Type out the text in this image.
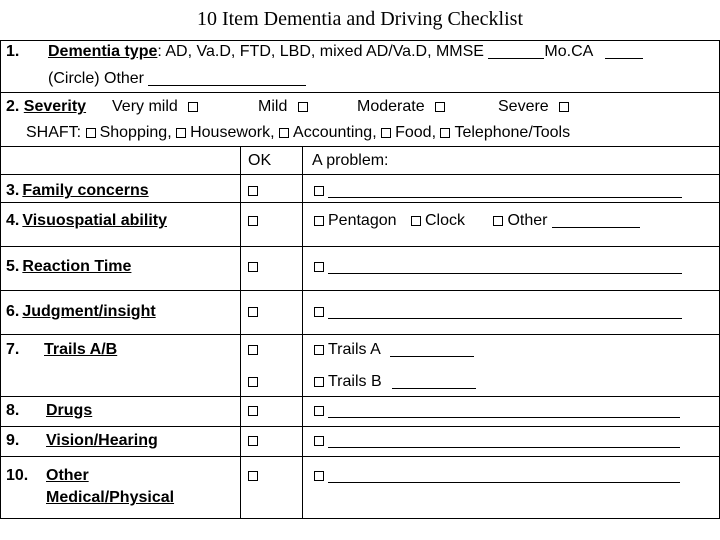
10 Item Dementia and Driving Checklist
1. Dementia type: AD, Va.D, FTD, LBD, mixed AD/Va.D, MMSE	Mo.CA
(Circle) Other
2. Severity Very mild	Mild	Moderate	Severe
SHAFT: Shopping, Housework, Accounting, Food, Telephone/Tools
OK	A problem:
3. Family concerns
4. Visuospatial ability	Pentagon Clock	Other
5. Reaction Time
6. Judgment/insight
7. Trails A/B	Trails A
Trails B
8. Drugs
9. Vision/Hearing
10. Other
Medical/Physical
